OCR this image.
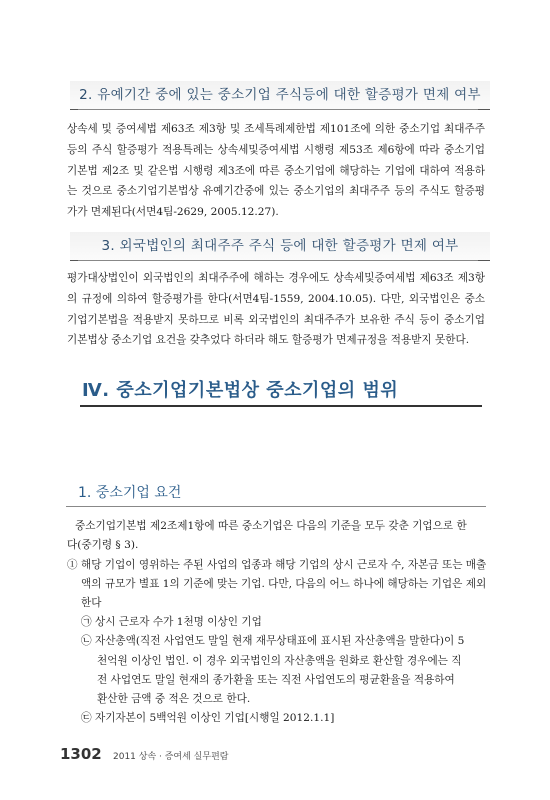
2. 유예기간 중에 있는 중소기업 주식등에 대한 할증평가 면제 여부

상속세 및 증여세법 제63조 제3항 및 조세특례제한법 제101조에 의한 중소기업 최대주주 등의 주식 할증평가 적용특례는 상속세및증여세법 시행령 제53조 제6항에 따라 중소기업기본법 제2조 및 같은법 시행령 제3조에 따른 중소기업에 해당하는 기업에 대하여 적용하는 것으로 중소기업기본법상 유예기간중에 있는 중소기업의 최대주주 등의 주식도 할증평가가 면제된다(서면4팀-2629, 2005.12.27).

3. 외국법인의 최대주주 주식 등에 대한 할증평가 면제 여부

평가대상법인이 외국법인의 최대주주에 해하는 경우에도 상속세및증여세법 제63조 제3항의 규정에 의하여 할증평가를 한다(서면4팀-1559, 2004.10.05). 다만, 외국법인은 중소기업기본법을 적용받지 못하므로 비록 외국법인의 최대주주가 보유한 주식 등이 중소기업기본법상 중소기업 요건을 갖추었다 하더라 해도 할증평가 면제규정을 적용받지 못한다.

Ⅳ. 중소기업기본법상 중소기업의 범위
1. 중소기업 요건
중소기업기본법 제2조제1항에 따른 중소기업은 다음의 기준을 모두 갖춘 기업으로 한
다(중기령 § 3).
① 해당 기업이 영위하는 주된 사업의 업종과 해당 기업의 상시 근로자 수, 자본금 또는 매출
액의 규모가 별표 1의 기준에 맞는 기업. 다만, 다음의 어느 하나에 해당하는 기업은 제외
한다
㉠ 상시 근로자 수가 1천명 이상인 기업
㉡ 자산총액(직전 사업연도 말일 현재 재무상태표에 표시된 자산총액을 말한다)이 5
천억원 이상인 법인. 이 경우 외국법인의 자산총액을 원화로 환산할 경우에는 직
전 사업연도 말일 현재의 종가환율 또는 직전 사업연도의 평균환율을 적용하여
환산한 금액 중 적은 것으로 한다.
㉢ 자기자본이 5백억원 이상인 기업[시행일 2012.1.1]
1302 2011 상속 · 증여세 실무편람
